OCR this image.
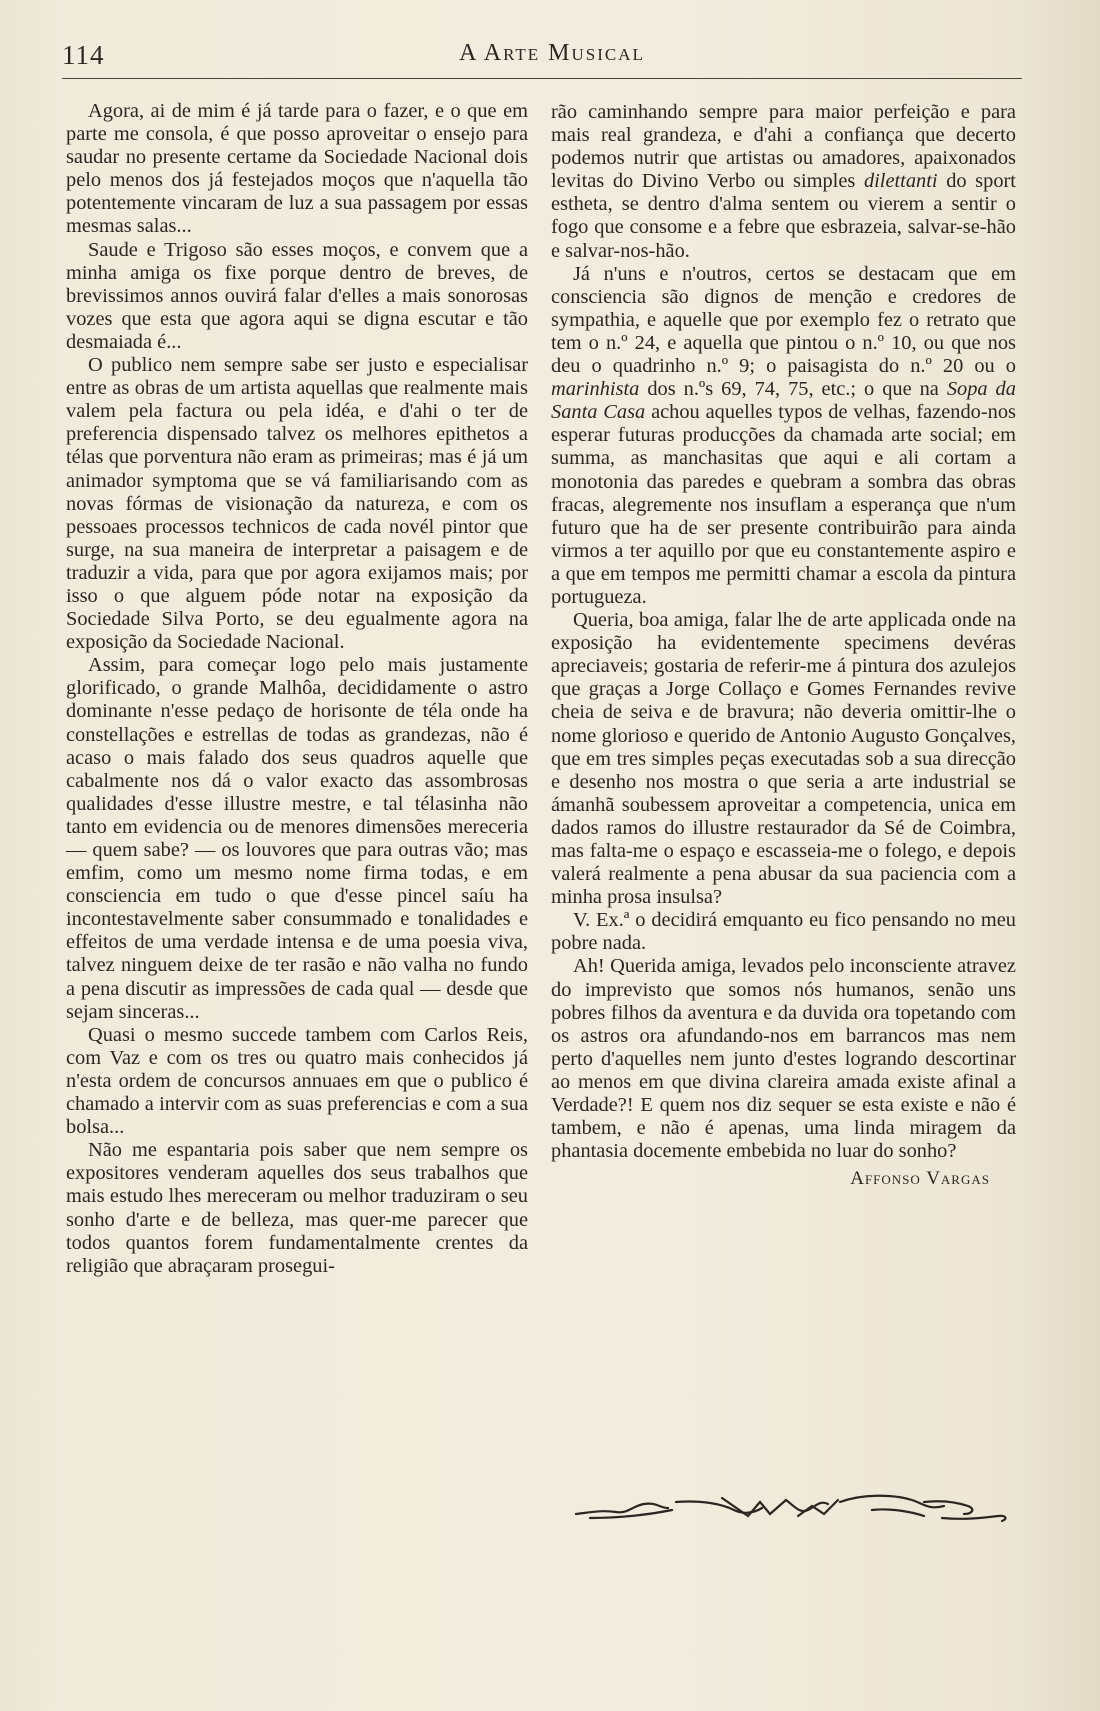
114	A Arte Musical

Agora, ai de mim é já tarde para o fazer, e o que em parte me consola, é que posso aproveitar o ensejo para saudar no presente certame da Sociedade Nacional dois pelo menos dos já festejados moços que n'aquella tão potentemente vincaram de luz a sua passagem por essas mesmas salas...

Saude e Trigoso são esses moços, e convem que a minha amiga os fixe porque dentro de breves, de brevissimos annos ouvirá falar d'elles a mais sonorosas vozes que esta que agora aqui se digna escutar e tão desmaiada é...

O publico nem sempre sabe ser justo e especialisar entre as obras de um artista aquellas que realmente mais valem pela factura ou pela idéa, e d'ahi o ter de preferencia dispensado talvez os melhores epithetos a télas que porventura não eram as primeiras; mas é já um animador symptoma que se vá familiarisando com as novas fórmas de visionação da natureza, e com os pessoaes processos technicos de cada novél pintor que surge, na sua maneira de interpretar a paisagem e de traduzir a vida, para que por agora exijamos mais; por isso o que alguem póde notar na exposição da Sociedade Silva Porto, se deu egualmente agora na exposição da Sociedade Nacional.

Assim, para começar logo pelo mais justamente glorificado, o grande Malhôa, decididamente o astro dominante n'esse pedaço de horisonte de téla onde ha constellações e estrellas de todas as grandezas, não é acaso o mais falado dos seus quadros aquelle que cabalmente nos dá o valor exacto das assombrosas qualidades d'esse illustre mestre, e tal télasinha não tanto em evidencia ou de menores dimensões mereceria — quem sabe? — os louvores que para outras vão; mas emfim, como um mesmo nome firma todas, e em consciencia em tudo o que d'esse pincel saíu ha incontestavelmente saber consummado e tonalidades e effeitos de uma verdade intensa e de uma poesia viva, talvez ninguem deixe de ter rasão e não valha no fundo a pena discutir as impressões de cada qual — desde que sejam sinceras...

Quasi o mesmo succede tambem com Carlos Reis, com Vaz e com os tres ou quatro mais conhecidos já n'esta ordem de concursos annuaes em que o publico é chamado a intervir com as suas preferencias e com a sua bolsa...

Não me espantaria pois saber que nem sempre os expositores venderam aquelles dos seus trabalhos que mais estudo lhes mereceram ou melhor traduziram o seu sonho d'arte e de belleza, mas quer-me parecer que todos quantos forem fundamentalmente crentes da religião que abraçaram prosegui-

rão caminhando sempre para maior perfeição e para mais real grandeza, e d'ahi a confiança que decerto podemos nutrir que artistas ou amadores, apaixonados levitas do Divino Verbo ou simples dilettanti do sport estheta, se dentro d'alma sentem ou vierem a sentir o fogo que consome e a febre que esbrazeia, salvar-se-hão e salvar-nos-hão.

Já n'uns e n'outros, certos se destacam que em consciencia são dignos de menção e credores de sympathia, e aquelle que por exemplo fez o retrato que tem o n.º 24, e aquella que pintou o n.º 10, ou que nos deu o quadrinho n.º 9; o paisagista do n.º 20 ou o marinhista dos n.ºs 69, 74, 75, etc.; o que na Sopa da Santa Casa achou aquelles typos de velhas, fazendo-nos esperar futuras producções da chamada arte social; em summa, as manchasitas que aqui e ali cortam a monotonia das paredes e quebram a sombra das obras fracas, alegremente nos insuflam a esperança que n'um futuro que ha de ser presente contribuirão para ainda virmos a ter aquillo por que eu constantemente aspiro e a que em tempos me permitti chamar a escola da pintura portugueza.

Queria, boa amiga, falar lhe de arte applicada onde na exposição ha evidentemente specimens devéras apreciaveis; gostaria de referir-me á pintura dos azulejos que graças a Jorge Collaço e Gomes Fernandes revive cheia de seiva e de bravura; não deveria omittir-lhe o nome glorioso e querido de Antonio Augusto Gonçalves, que em tres simples peças executadas sob a sua direcção e desenho nos mostra o que seria a arte industrial se ámanhã soubessem aproveitar a competencia, unica em dados ramos do illustre restaurador da Sé de Coimbra, mas falta-me o espaço e escasseia-me o folego, e depois valerá realmente a pena abusar da sua paciencia com a minha prosa insulsa?

V. Ex.ª o decidirá emquanto eu fico pensando no meu pobre nada.

Ah! Querida amiga, levados pelo inconsciente atravez do imprevisto que somos nós humanos, senão uns pobres filhos da aventura e da duvida ora topetando com os astros ora afundando-nos em barrancos mas nem perto d'aquelles nem junto d'estes logrando descortinar ao menos em que divina clareira amada existe afinal a Verdade?! E quem nos diz sequer se esta existe e não é tambem, e não é apenas, uma linda miragem da phantasia docemente embebida no luar do sonho?

Affonso Vargas
